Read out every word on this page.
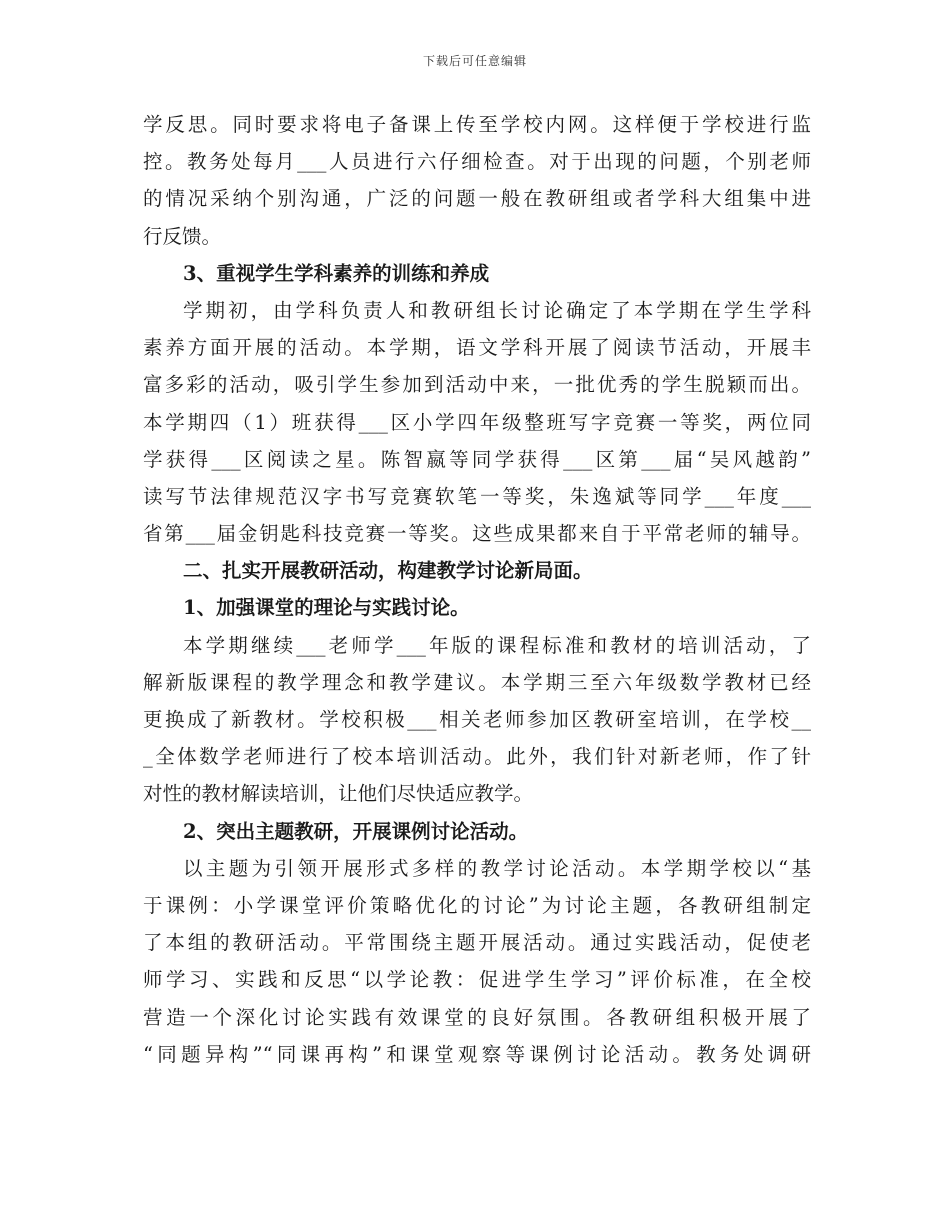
下载后可任意编辑
学反思。同时要求将电子备课上传至学校内网。这样便于学校进行监
控。教务处每月___人员进行六仔细检查。对于出现的问题，个别老师
的情况采纳个别沟通，广泛的问题一般在教研组或者学科大组集中进
行反馈。
3、重视学生学科素养的训练和养成
学期初，由学科负责人和教研组长讨论确定了本学期在学生学科
素养方面开展的活动。本学期，语文学科开展了阅读节活动，开展丰
富多彩的活动，吸引学生参加到活动中来，一批优秀的学生脱颖而出。
本学期四（1）班获得___区小学四年级整班写字竞赛一等奖，两位同
学获得___区阅读之星。陈智嬴等同学获得___区第___届“吴风越韵”
读写节法律规范汉字书写竞赛软笔一等奖，朱逸斌等同学___年度___
省第___届金钥匙科技竞赛一等奖。这些成果都来自于平常老师的辅导。
二、扎实开展教研活动，构建教学讨论新局面。
1、加强课堂的理论与实践讨论。
本学期继续___老师学___年版的课程标准和教材的培训活动，了
解新版课程的教学理念和教学建议。本学期三至六年级数学教材已经
更换成了新教材。学校积极___相关老师参加区教研室培训，在学校__
_全体数学老师进行了校本培训活动。此外，我们针对新老师，作了针
对性的教材解读培训，让他们尽快适应教学。
2、突出主题教研，开展课例讨论活动。
以主题为引领开展形式多样的教学讨论活动。本学期学校以“基
于课例：小学课堂评价策略优化的讨论”为讨论主题，各教研组制定
了本组的教研活动。平常围绕主题开展活动。通过实践活动，促使老
师学习、实践和反思“以学论教：促进学生学习”评价标准，在全校
营造一个深化讨论实践有效课堂的良好氛围。各教研组积极开展了
“同题异构”“同课再构”和课堂观察等课例讨论活动。教务处调研
